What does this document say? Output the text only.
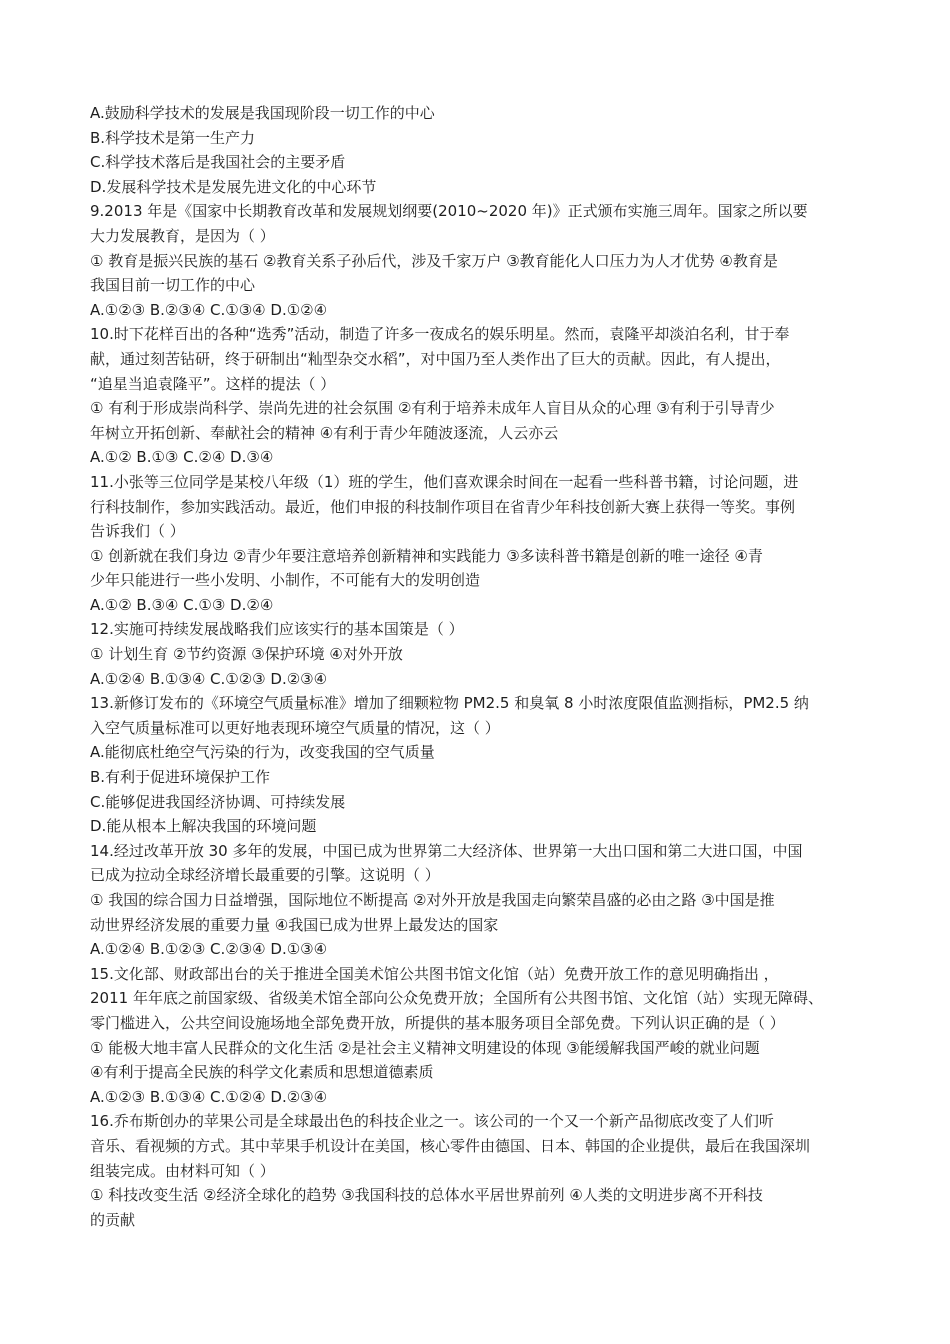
A.鼓励科学技术的发展是我国现阶段一切工作的中心
B.科学技术是第一生产力
C.科学技术落后是我国社会的主要矛盾
D.发展科学技术是发展先进文化的中心环节
9.2013 年是《国家中长期教育改革和发展规划纲要(2010~2020 年)》正式颁布实施三周年。国家之所以要
大力发展教育，是因为（ ）
① 教育是振兴民族的基石 ②教育关系子孙后代，涉及千家万户 ③教育能化人口压力为人才优势 ④教育是
我国目前一切工作的中心
A.①②③ B.②③④ C.①③④ D.①②④
10.时下花样百出的各种“选秀”活动，制造了许多一夜成名的娱乐明星。然而，袁隆平却淡泊名利，甘于奉
献，通过刻苦钻研，终于研制出“籼型杂交水稻”，对中国乃至人类作出了巨大的贡献。因此，有人提出，
“追星当追袁隆平”。这样的提法（ ）
① 有利于形成崇尚科学、崇尚先进的社会氛围 ②有利于培养未成年人盲目从众的心理 ③有利于引导青少
年树立开拓创新、奉献社会的精神 ④有利于青少年随波逐流，人云亦云
A.①② B.①③ C.②④ D.③④
11.小张等三位同学是某校八年级（1）班的学生，他们喜欢课余时间在一起看一些科普书籍，讨论问题，进
行科技制作，参加实践活动。最近，他们申报的科技制作项目在省青少年科技创新大赛上获得一等奖。事例
告诉我们（ ）
① 创新就在我们身边 ②青少年要注意培养创新精神和实践能力 ③多读科普书籍是创新的唯一途径 ④青
少年只能进行一些小发明、小制作，不可能有大的发明创造
A.①② B.③④ C.①③ D.②④
12.实施可持续发展战略我们应该实行的基本国策是（ ）
① 计划生育 ②节约资源 ③保护环境 ④对外开放
A.①②④ B.①③④ C.①②③ D.②③④
13.新修订发布的《环境空气质量标准》增加了细颗粒物 PM2.5 和臭氧 8 小时浓度限值监测指标，PM2.5 纳
入空气质量标准可以更好地表现环境空气质量的情况，这（ ）
A.能彻底杜绝空气污染的行为，改变我国的空气质量
B.有利于促进环境保护工作
C.能够促进我国经济协调、可持续发展
D.能从根本上解决我国的环境问题
14.经过改革开放 30 多年的发展，中国已成为世界第二大经济体、世界第一大出口国和第二大进口国，中国
已成为拉动全球经济增长最重要的引擎。这说明（ ）
① 我国的综合国力日益增强，国际地位不断提高 ②对外开放是我国走向繁荣昌盛的必由之路 ③中国是推
动世界经济发展的重要力量 ④我国已成为世界上最发达的国家
A.①②④ B.①②③ C.②③④ D.①③④
15.文化部、财政部出台的关于推进全国美术馆公共图书馆文化馆（站）免费开放工作的意见明确指出 ，
2011 年年底之前国家级、省级美术馆全部向公众免费开放；全国所有公共图书馆、文化馆（站）实现无障碍、
零门槛进入，公共空间设施场地全部免费开放，所提供的基本服务项目全部免费。下列认识正确的是（ ）
① 能极大地丰富人民群众的文化生活 ②是社会主义精神文明建设的体现 ③能缓解我国严峻的就业问题
④有利于提高全民族的科学文化素质和思想道德素质
A.①②③ B.①③④ C.①②④ D.②③④
16.乔布斯创办的苹果公司是全球最出色的科技企业之一。该公司的一个又一个新产品彻底改变了人们听
音乐、看视频的方式。其中苹果手机设计在美国，核心零件由德国、日本、韩国的企业提供，最后在我国深圳
组装完成。由材料可知（ ）
① 科技改变生活 ②经济全球化的趋势 ③我国科技的总体水平居世界前列 ④人类的文明进步离不开科技
的贡献
